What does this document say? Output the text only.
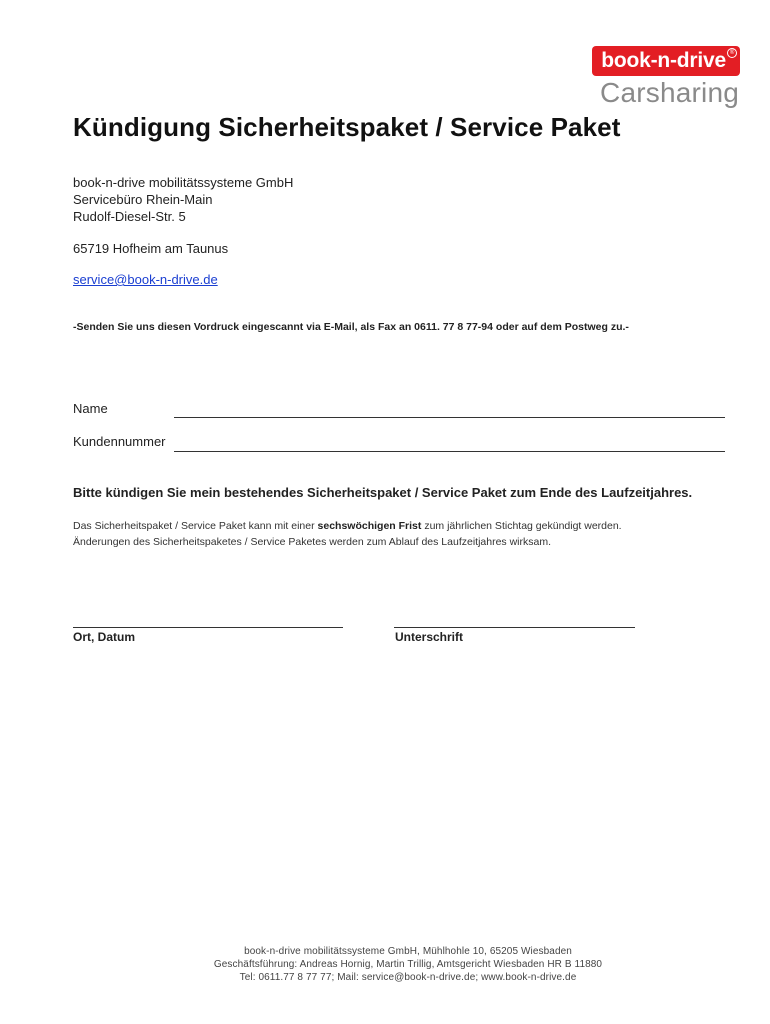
book-n-drive ®
Carsharing
Kündigung Sicherheitspaket / Service Paket
book-n-drive mobilitätssysteme GmbH
Servicebüro Rhein-Main
Rudolf-Diesel-Str. 5
65719 Hofheim am Taunus
service@book-n-drive.de
-Senden Sie uns diesen Vordruck eingescannt via E-Mail, als Fax an 0611. 77 8 77-94 oder auf dem Postweg zu.-
Name
Kundennummer
Bitte kündigen Sie mein bestehendes Sicherheitspaket / Service Paket zum Ende des Laufzeitjahres.
Das Sicherheitspaket / Service Paket kann mit einer sechswöchigen Frist zum jährlichen Stichtag gekündigt werden.
Änderungen des Sicherheitspaketes / Service Paketes werden zum Ablauf des Laufzeitjahres wirksam.
Ort, Datum	Unterschrift
book-n-drive mobilitätssysteme GmbH, Mühlhohle 10, 65205 Wiesbaden
Geschäftsführung: Andreas Hornig, Martin Trillig, Amtsgericht Wiesbaden HR B 11880
Tel: 0611.77 8 77 77; Mail: service@book-n-drive.de; www.book-n-drive.de
